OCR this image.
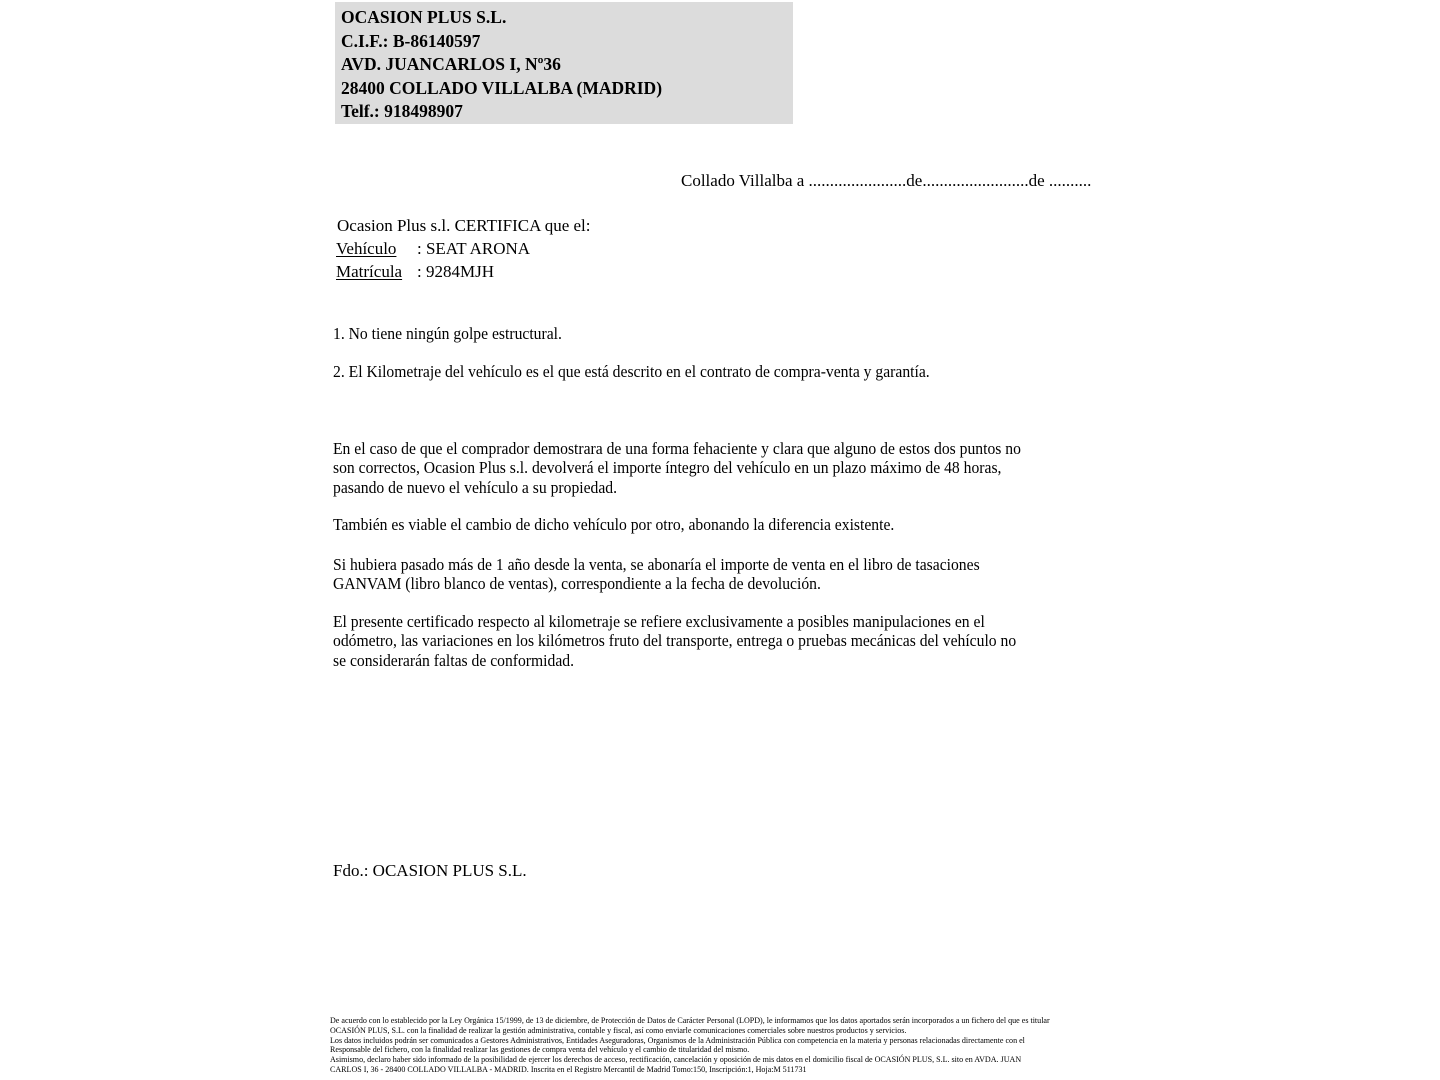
OCASION PLUS S.L.
C.I.F.: B-86140597
AVD. JUANCARLOS I, Nº36
28400 COLLADO VILLALBA (MADRID)
Telf.: 918498907
Collado Villalba a .......................de.........................de ..........
Ocasion Plus s.l. CERTIFICA que el:
Vehículo : SEAT ARONA
Matrícula : 9284MJH
1. No tiene ningún golpe estructural.
2. El Kilometraje del vehículo es el que está descrito en el contrato de compra-venta y garantía.
En el caso de que el comprador demostrara de una forma fehaciente y clara que alguno de estos dos puntos no
son correctos, Ocasion Plus s.l. devolverá el importe íntegro del vehículo en un plazo máximo de 48 horas,
pasando de nuevo el vehículo a su propiedad.
También es viable el cambio de dicho vehículo por otro, abonando la diferencia existente.
Si hubiera pasado más de 1 año desde la venta, se abonaría el importe de venta en el libro de tasaciones
GANVAM (libro blanco de ventas), correspondiente a la fecha de devolución.
El presente certificado respecto al kilometraje se refiere exclusivamente a posibles manipulaciones en el
odómetro, las variaciones en los kilómetros fruto del transporte, entrega o pruebas mecánicas del vehículo no
se considerarán faltas de conformidad.
Fdo.: OCASION PLUS S.L.
De acuerdo con lo establecido por la Ley Orgánica 15/1999, de 13 de diciembre, de Protección de Datos de Carácter Personal (LOPD), le informamos que los datos aportados serán incorporados a un fichero del que es titular
OCASIÓN PLUS, S.L. con la finalidad de realizar la gestión administrativa, contable y fiscal, así como enviarle comunicaciones comerciales sobre nuestros productos y servicios.
Los datos incluidos podrán ser comunicados a Gestores Administrativos, Entidades Aseguradoras, Organismos de la Administración Pública con competencia en la materia y personas relacionadas directamente con el
Responsable del fichero, con la finalidad realizar las gestiones de compra venta del vehículo y el cambio de titularidad del mismo.
Asimismo, declaro haber sido informado de la posibilidad de ejercer los derechos de acceso, rectificación, cancelación y oposición de mis datos en el domicilio fiscal de OCASIÓN PLUS, S.L. sito en AVDA. JUAN
CARLOS I, 36 - 28400 COLLADO VILLALBA - MADRID. Inscrita en el Registro Mercantil de Madrid Tomo:150, Inscripción:1, Hoja:M 511731
